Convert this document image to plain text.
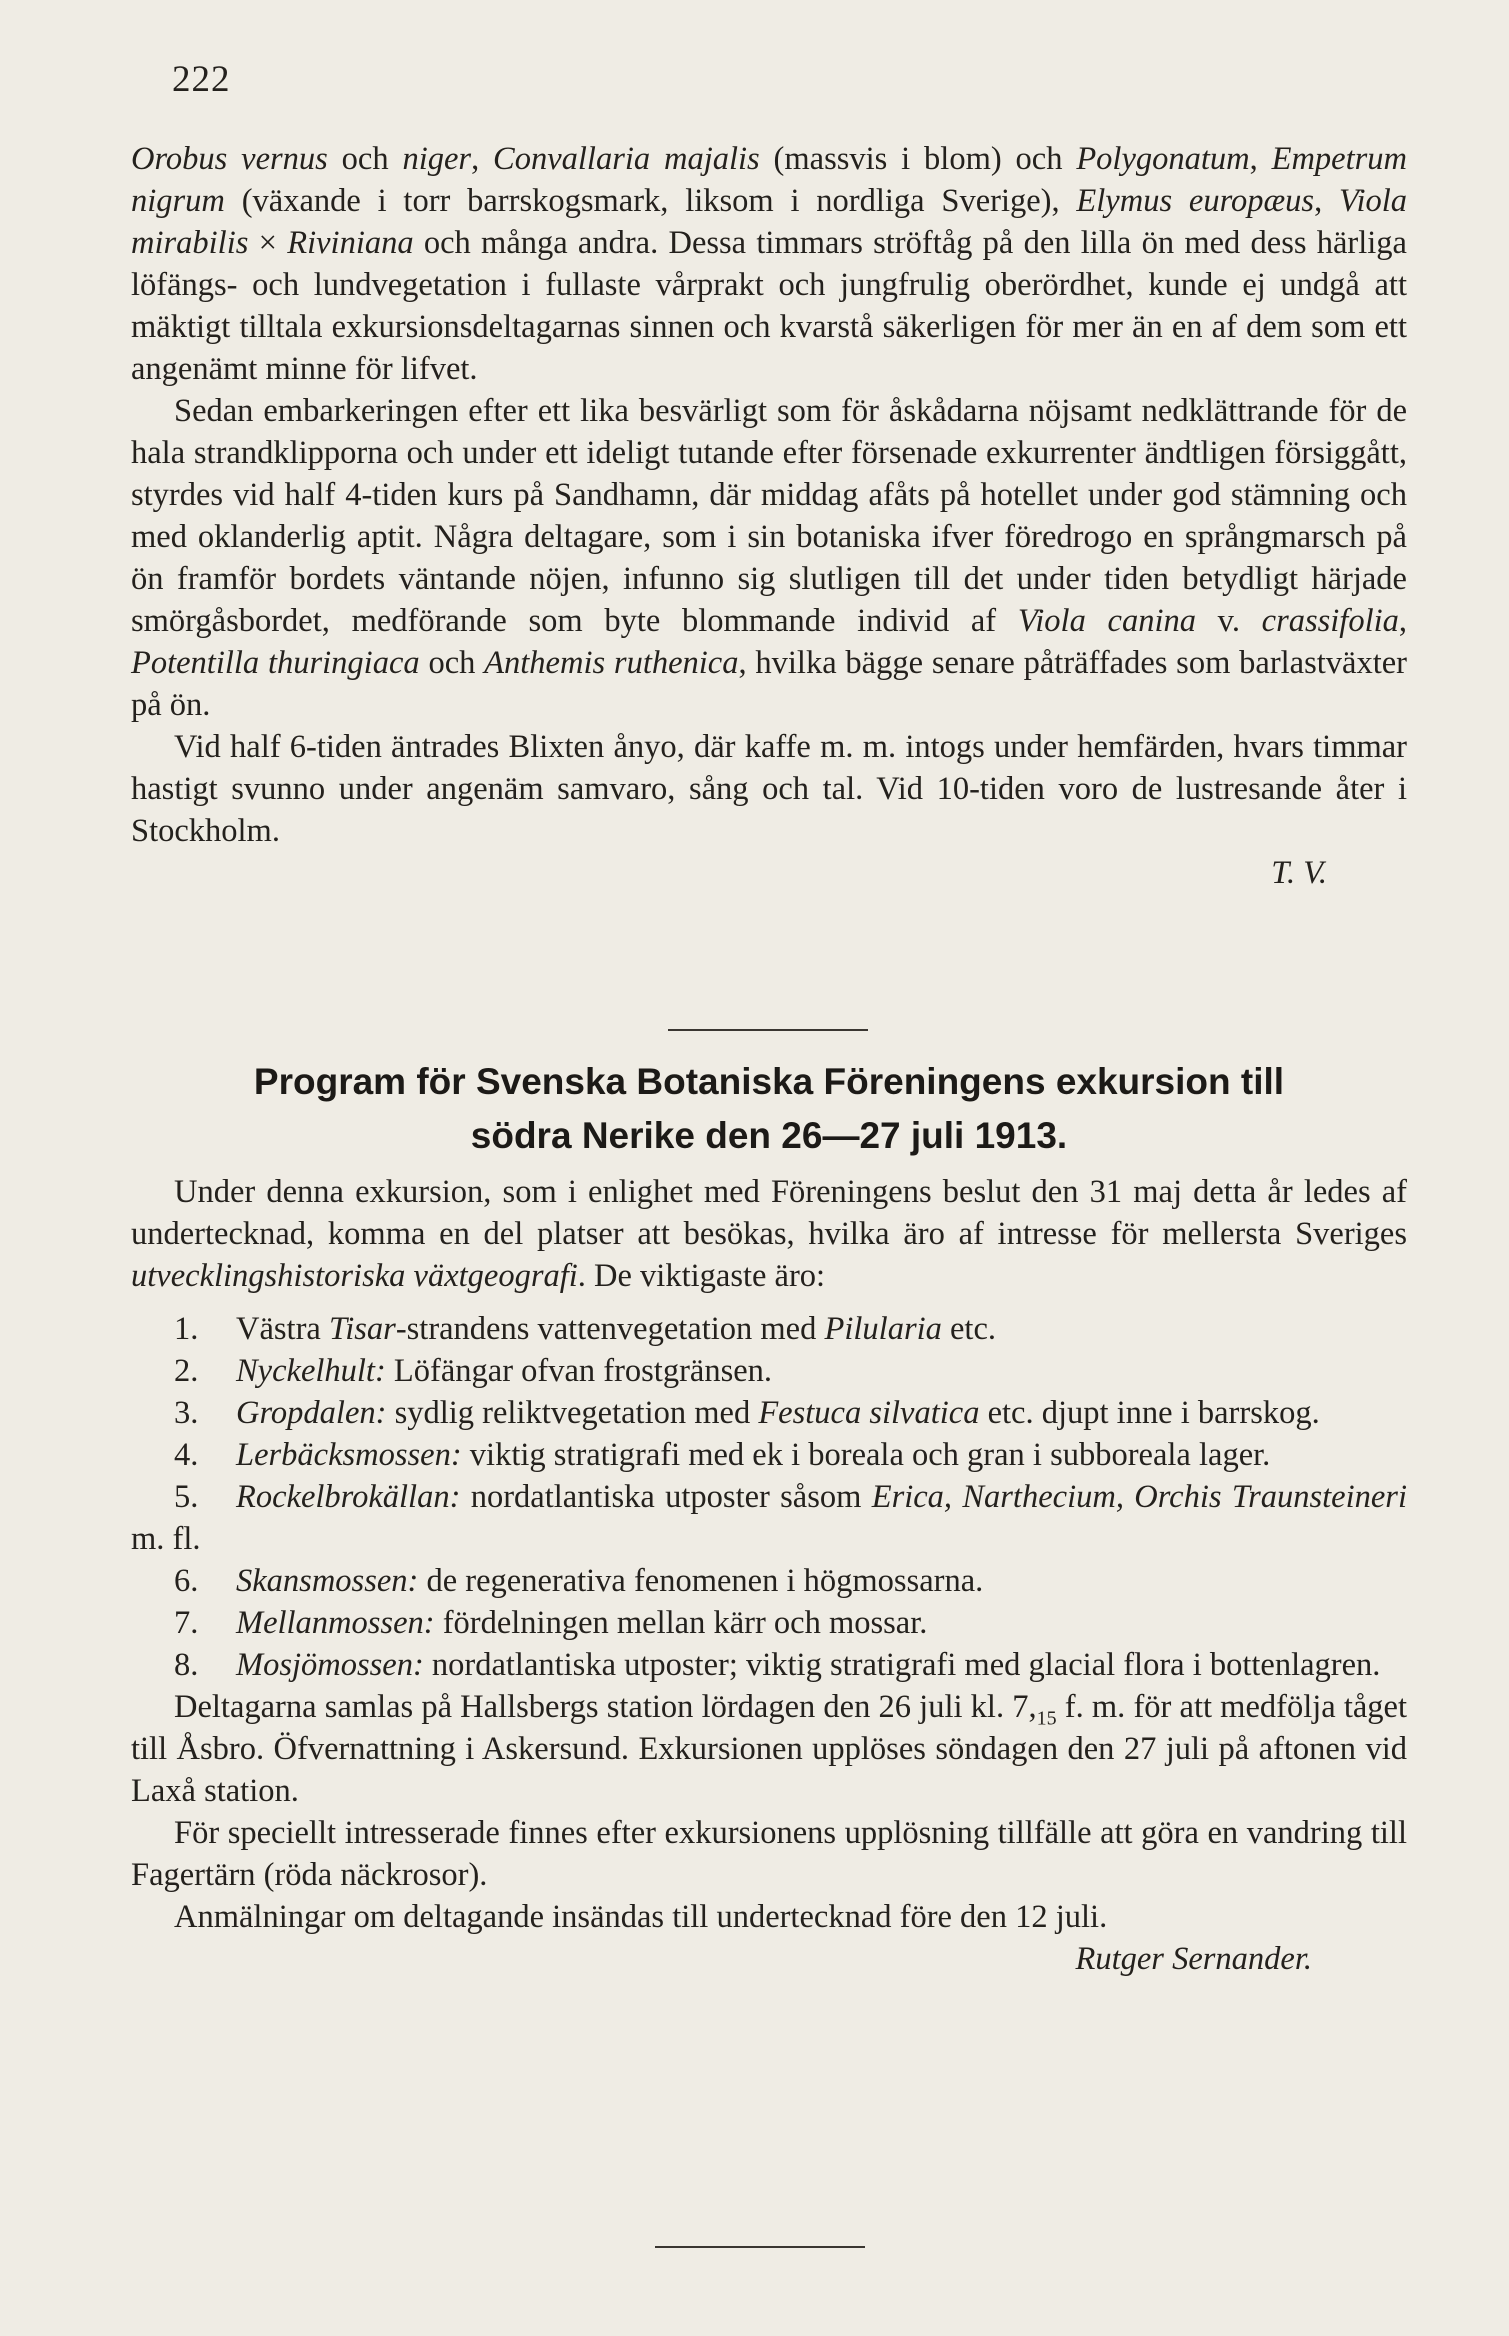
222

Orobus vernus och niger, Convallaria majalis (massvis i blom) och Polygonatum, Empetrum nigrum (växande i torr barrskogsmark, liksom i nordliga Sverige), Elymus europæus, Viola mirabilis × Riviniana och många andra. Dessa timmars ströftåg på den lilla ön med dess härliga löfängs- och lundvegetation i fullaste vårprakt och jungfrulig oberördhet, kunde ej undgå att mäktigt tilltala exkursionsdeltagarnas sinnen och kvarstå säkerligen för mer än en af dem som ett angenämt minne för lifvet.

Sedan embarkeringen efter ett lika besvärligt som för åskådarna nöjsamt nedklättrande för de hala strandklipporna och under ett ideligt tutande efter försenade exkurrenter ändtligen försiggått, styrdes vid half 4-tiden kurs på Sandhamn, där middag afåts på hotellet under god stämning och med oklanderlig aptit. Några deltagare, som i sin botaniska ifver föredrogo en språngmarsch på ön framför bordets väntande nöjen, infunno sig slutligen till det under tiden betydligt härjade smörgåsbordet, medförande som byte blommande individ af Viola canina v. crassifolia, Potentilla thuringiaca och Anthemis ruthenica, hvilka bägge senare påträffades som barlastväxter på ön.

Vid half 6-tiden äntrades Blixten ånyo, där kaffe m. m. intogs under hemfärden, hvars timmar hastigt svunno under angenäm samvaro, sång och tal. Vid 10-tiden voro de lustresande åter i Stockholm.

T. V.

Program för Svenska Botaniska Föreningens exkursion till

södra Nerike den 26—27 juli 1913.

Under denna exkursion, som i enlighet med Föreningens beslut den 31 maj detta år ledes af undertecknad, komma en del platser att besökas, hvilka äro af intresse för mellersta Sveriges utvecklingshistoriska växtgeografi. De viktigaste äro:

1. Västra Tisar-strandens vattenvegetation med Pilularia etc.

2. Nyckelhult: Löfängar ofvan frostgränsen.

3. Gropdalen: sydlig reliktvegetation med Festuca silvatica etc. djupt inne i barrskog.

4. Lerbäcksmossen: viktig stratigrafi med ek i boreala och gran i subboreala lager.

5. Rockelbrokällan: nordatlantiska utposter såsom Erica, Narthecium, Orchis Traunsteineri m. fl.

6. Skansmossen: de regenerativa fenomenen i högmossarna.

7. Mellanmossen: fördelningen mellan kärr och mossar.

8. Mosjömossen: nordatlantiska utposter; viktig stratigrafi med glacial flora i bottenlagren.

Deltagarna samlas på Hallsbergs station lördagen den 26 juli kl. $7,_{15}$ f. m. för att medfölja tåget till Åsbro. Öfvernattning i Askersund. Exkursionen upplöses söndagen den 27 juli på aftonen vid Laxå station.

För speciellt intresserade finnes efter exkursionens upplösning tillfälle att göra en vandring till Fagertärn (röda näckrosor).

Anmälningar om deltagande insändas till undertecknad före den 12 juli.

Rutger Sernander.
